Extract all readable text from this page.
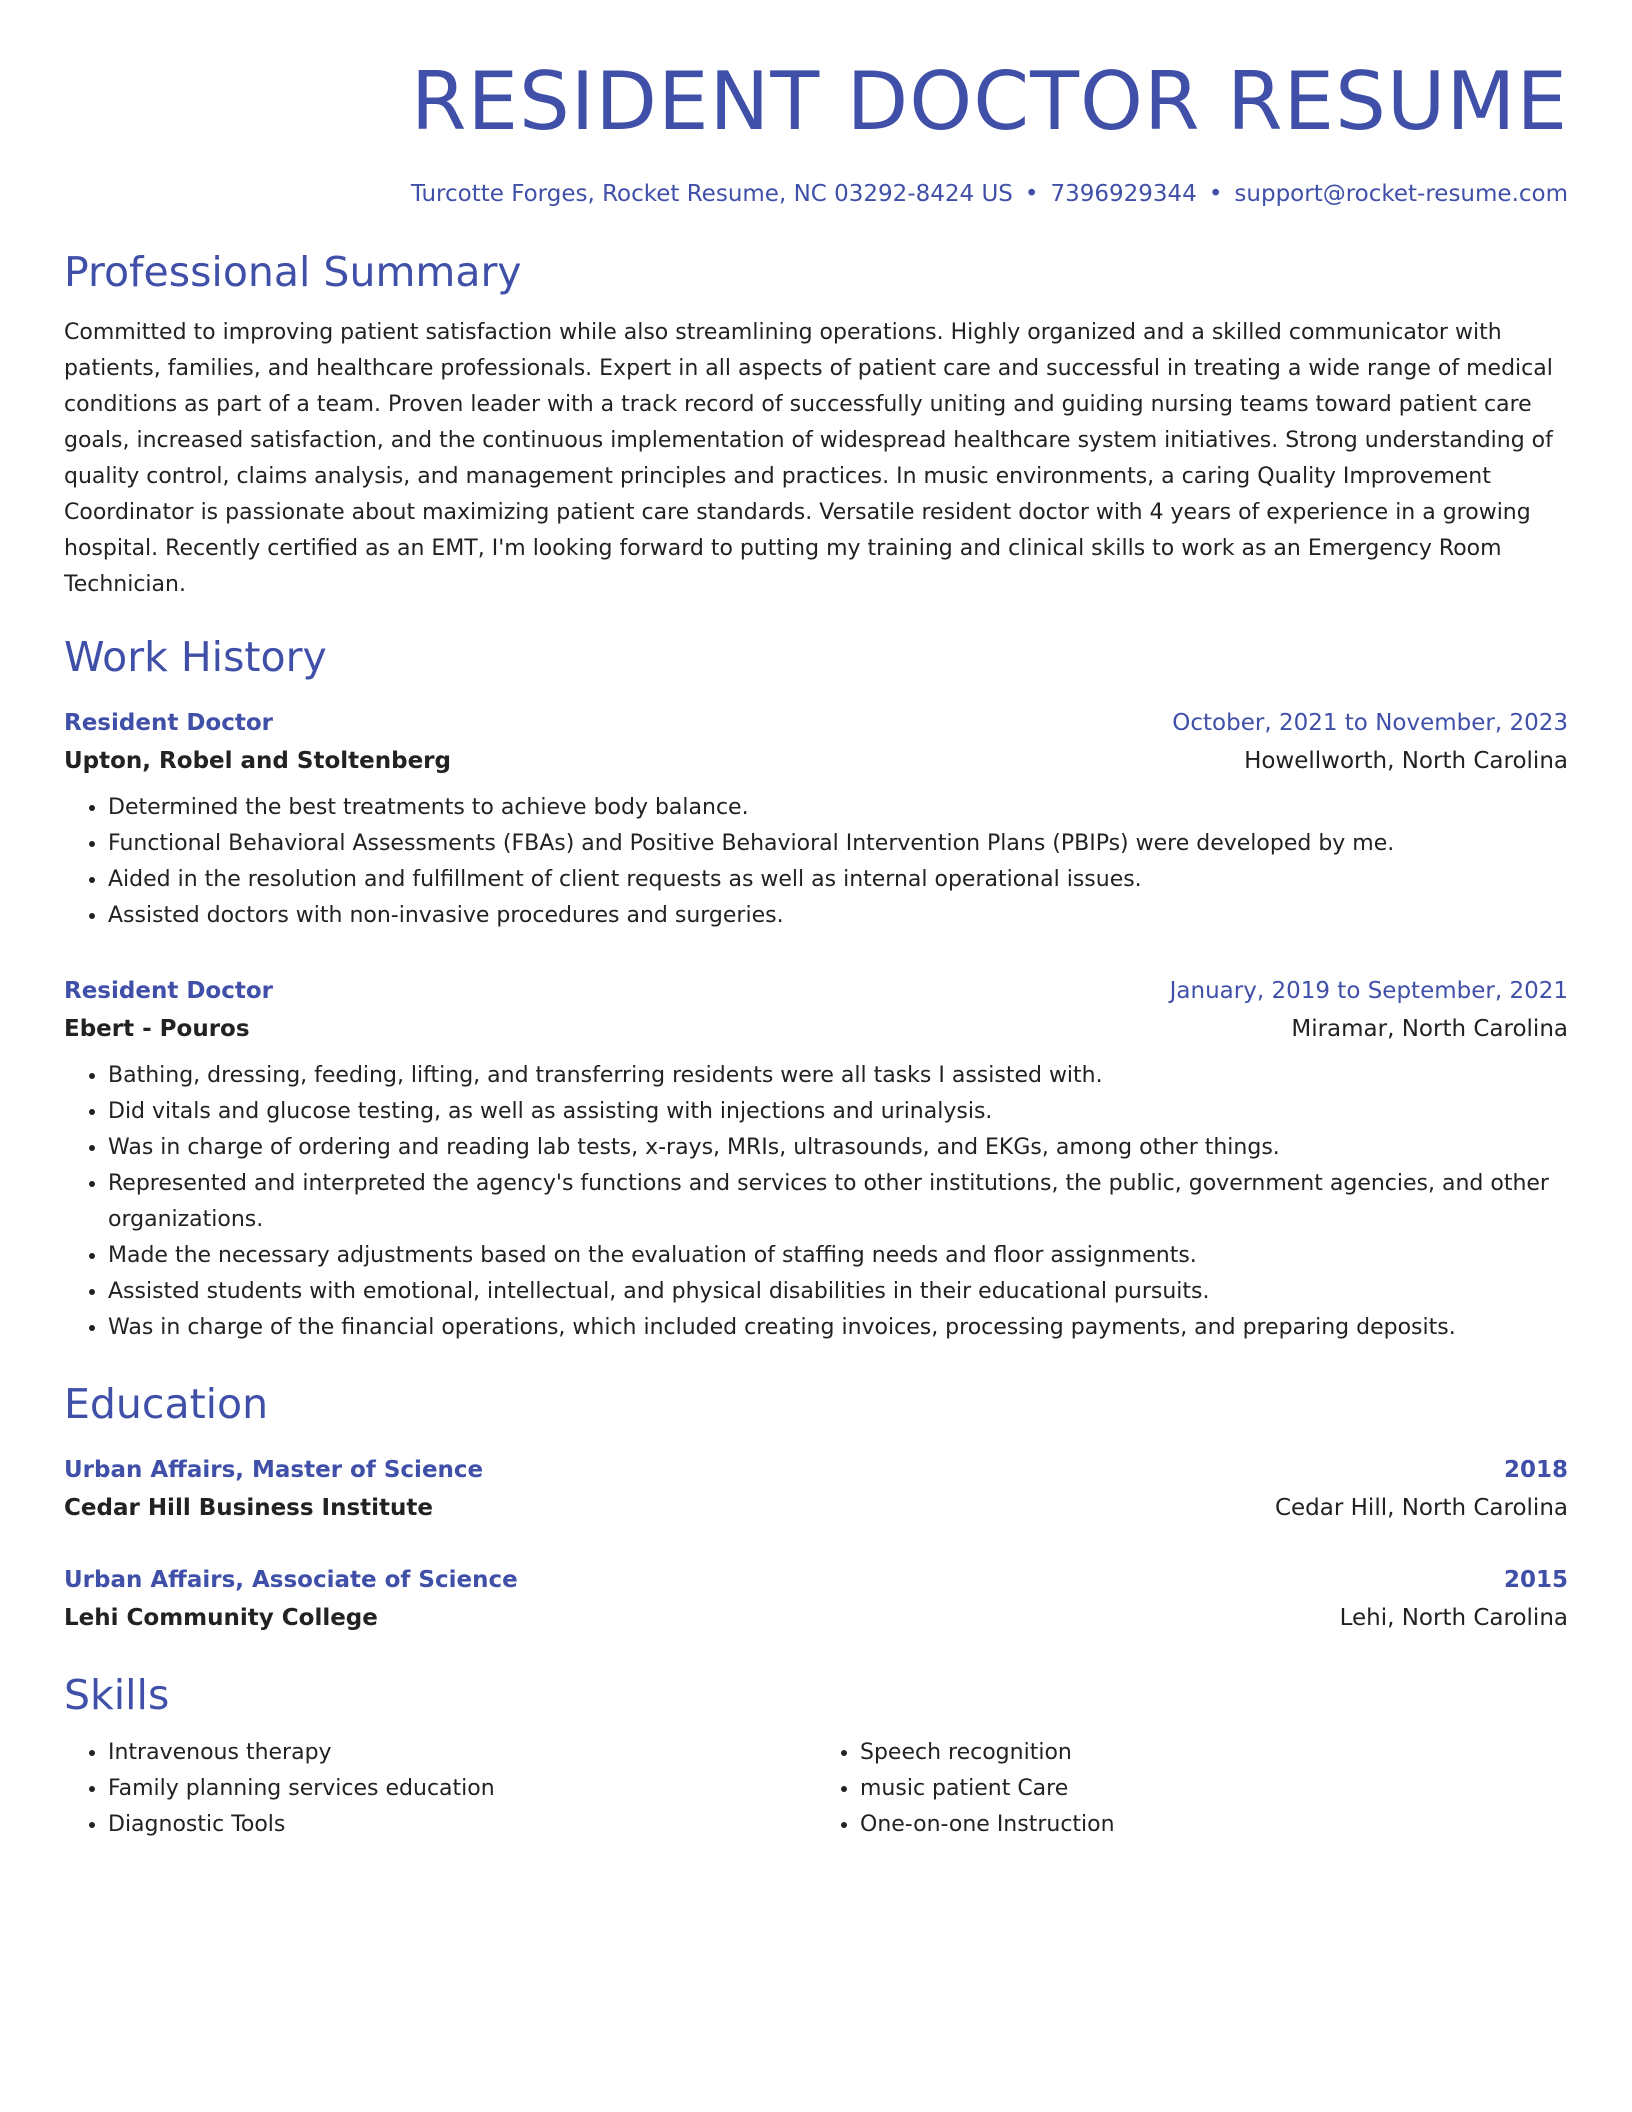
RESIDENT DOCTOR RESUME
Turcotte Forges, Rocket Resume, NC 03292-8424 US • 7396929344 • support@rocket-resume.com
Professional Summary

Committed to improving patient satisfaction while also streamlining operations. Highly organized and a skilled communicator with patients, families, and healthcare professionals. Expert in all aspects of patient care and successful in treating a wide range of medical conditions as part of a team. Proven leader with a track record of successfully uniting and guiding nursing teams toward patient care goals, increased satisfaction, and the continuous implementation of widespread healthcare system initiatives. Strong understanding of quality control, claims analysis, and management principles and practices. In music environments, a caring Quality Improvement Coordinator is passionate about maximizing patient care standards. Versatile resident doctor with 4 years of experience in a growing hospital. Recently certified as an EMT, I'm looking forward to putting my training and clinical skills to work as an Emergency Room Technician.

Work History
Resident Doctor	October, 2021 to November, 2023
Upton, Robel and Stoltenberg	Howellworth, North Carolina
• Determined the best treatments to achieve body balance.
• Functional Behavioral Assessments (FBAs) and Positive Behavioral Intervention Plans (PBIPs) were developed by me.
• Aided in the resolution and fulfillment of client requests as well as internal operational issues.
• Assisted doctors with non-invasive procedures and surgeries.
Resident Doctor	January, 2019 to September, 2021
Ebert - Pouros	Miramar, North Carolina
• Bathing, dressing, feeding, lifting, and transferring residents were all tasks I assisted with.
• Did vitals and glucose testing, as well as assisting with injections and urinalysis.
• Was in charge of ordering and reading lab tests, x-rays, MRIs, ultrasounds, and EKGs, among other things.
• Represented and interpreted the agency's functions and services to other institutions, the public, government agencies, and other organizations.
• Made the necessary adjustments based on the evaluation of staffing needs and floor assignments.
• Assisted students with emotional, intellectual, and physical disabilities in their educational pursuits.
• Was in charge of the financial operations, which included creating invoices, processing payments, and preparing deposits.
Education
Urban Affairs, Master of Science	2018
Cedar Hill Business Institute	Cedar Hill, North Carolina
Urban Affairs, Associate of Science	2015
Lehi Community College	Lehi, North Carolina
Skills
• Intravenous therapy
• Family planning services education
• Diagnostic Tools
• Speech recognition
• music patient Care
• One-on-one Instruction
